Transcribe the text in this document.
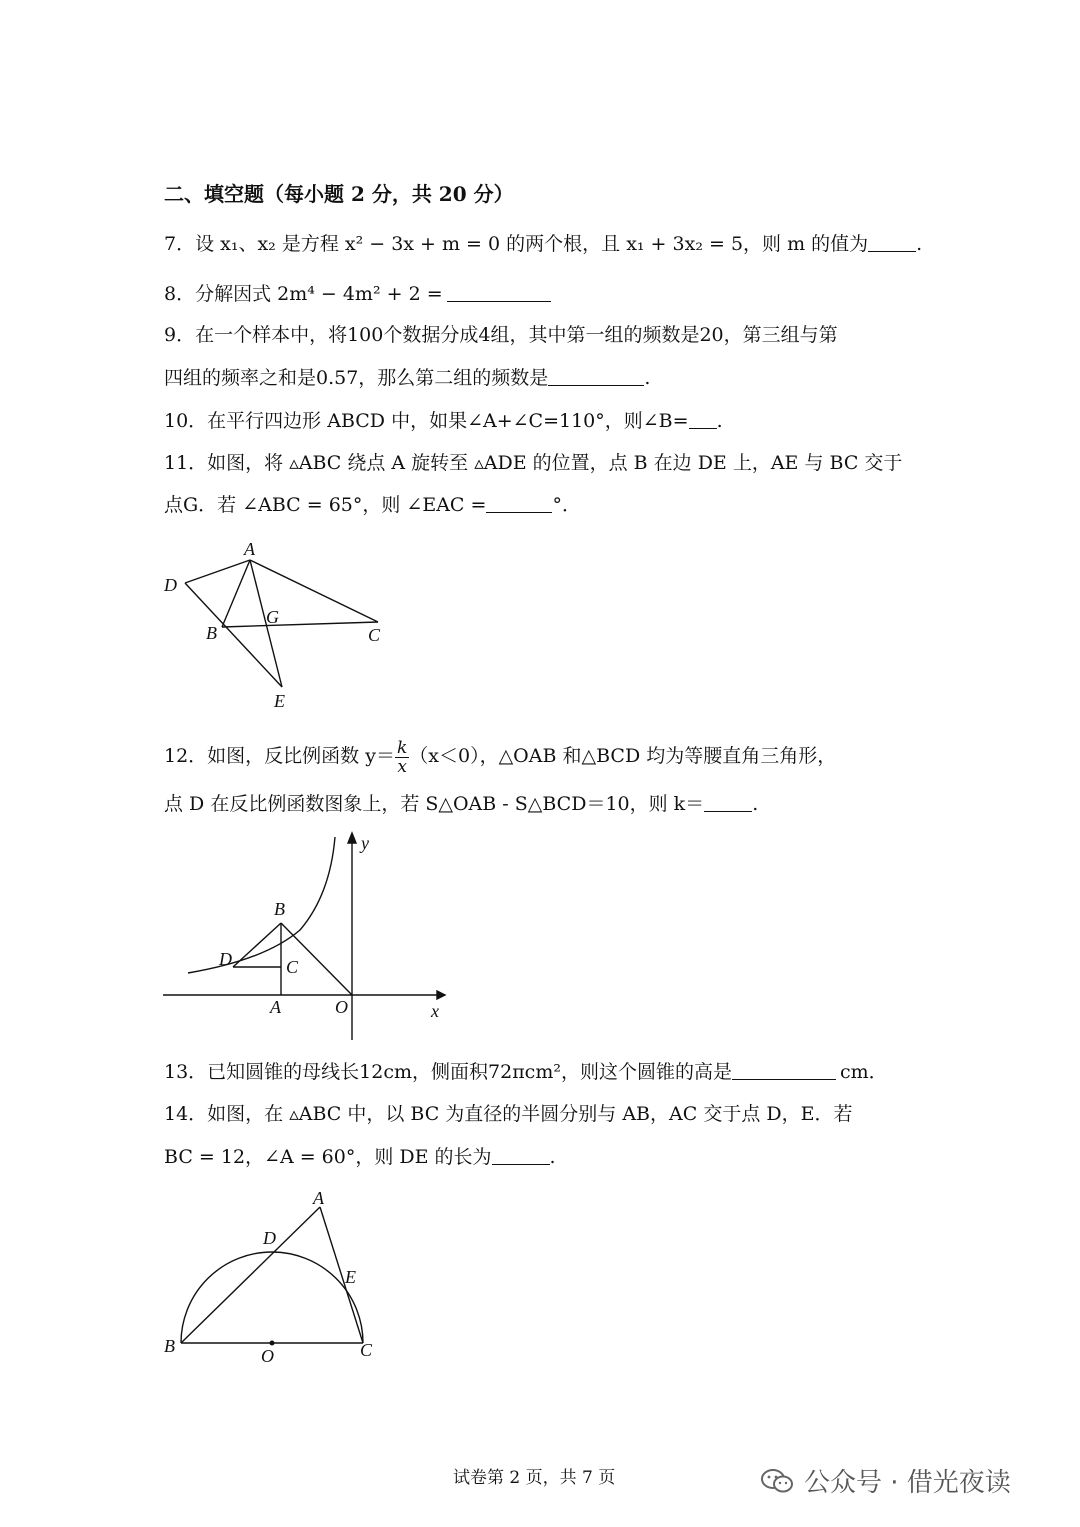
二、填空题（每小题 2 分，共 20 分）
7．设 x₁、x₂ 是方程 x² − 3x + m = 0 的两个根，且 x₁ + 3x₂ = 5，则 m 的值为	.
8．分解因式 2m⁴ − 4m² + 2 =
9．在一个样本中，将100个数据分成4组，其中第一组的频数是20，第三组与第
四组的频率之和是0.57，那么第二组的频数是	.
10．在平行四边形 ABCD 中，如果∠A+∠C=110°，则∠B= .
11．如图，将 ▵ABC 绕点 A 旋转至 ▵ADE 的位置，点 B 在边 DE 上，AE 与 BC 交于
点G．若 ∠ABC = 65°，则 ∠EAC =	°．
A
D
G
B	C
E
12．如图，反比例函数 $y= \frac{k}{x} (x<0)$，△OAB 和△BCD 均为等腰直角三角形，
点 D 在反比例函数图象上，若 S△OAB - S△BCD＝10，则 k＝	.
y
B
D	C
A	O	x
13．已知圆锥的母线长12cm，侧面积72πcm²，则这个圆锥的高是	cm．
14．如图，在 ▵ABC 中，以 BC 为直径的半圆分别与 AB，AC 交于点 D，E．若
BC = 12，∠A = 60°，则 DE 的长为	.
A
D
E
B	O	C
试卷第 2 页，共 7 页	公众号 · 借光夜读
